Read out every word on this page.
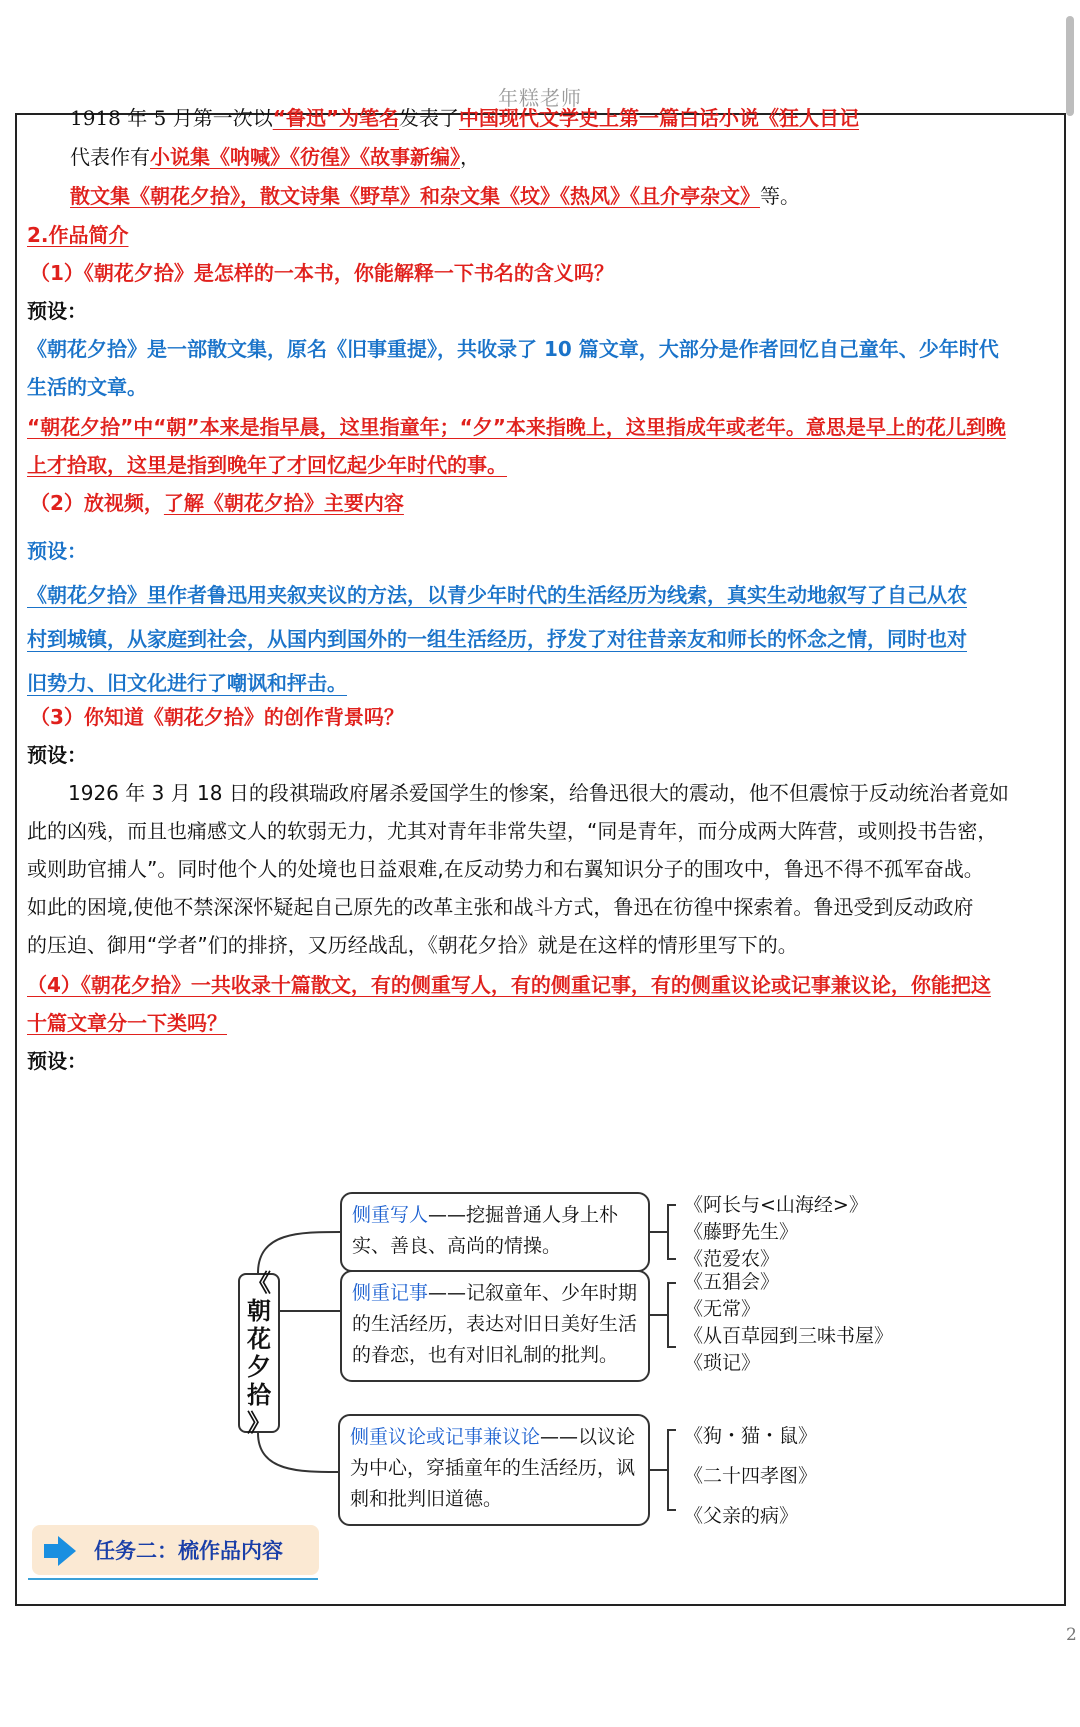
年糕老师
1918 年 5 月第一次以“鲁迅”为笔名发表了中国现代文学史上第一篇白话小说《狂人日记
代表作有小说集《呐喊》《彷徨》《故事新编》，
散文集《朝花夕拾》，散文诗集《野草》和杂文集《坟》《热风》《且介亭杂文》等。
2.作品简介
（1）《朝花夕拾》是怎样的一本书，你能解释一下书名的含义吗？
预设：
《朝花夕拾》是一部散文集，原名《旧事重提》，共收录了 10 篇文章，大部分是作者回忆自己童年、少年时代
生活的文章。
“朝花夕拾”中“朝”本来是指早晨，这里指童年；“夕”本来指晚上，这里指成年或老年。意思是早上的花儿到晚
上才拾取，这里是指到晚年了才回忆起少年时代的事。
（2）放视频，了解《朝花夕拾》主要内容
预设：
《朝花夕拾》里作者鲁迅用夹叙夹议的方法，以青少年时代的生活经历为线索，真实生动地叙写了自己从农
村到城镇，从家庭到社会，从国内到国外的一组生活经历，抒发了对往昔亲友和师长的怀念之情，同时也对
旧势力、旧文化进行了嘲讽和抨击。
（3）你知道《朝花夕拾》的创作背景吗？
预设：
1926 年 3 月 18 日的段祺瑞政府屠杀爱国学生的惨案，给鲁迅很大的震动，他不但震惊于反动统治者竟如
此的凶残，而且也痛感文人的软弱无力，尤其对青年非常失望，“同是青年，而分成两大阵营，或则投书告密，
或则助官捕人”。同时他个人的处境也日益艰难,在反动势力和右翼知识分子的围攻中，鲁迅不得不孤军奋战。
如此的困境,使他不禁深深怀疑起自己原先的改革主张和战斗方式，鲁迅在彷徨中探索着。鲁迅受到反动政府
的压迫、御用“学者”们的排挤，又历经战乱，《朝花夕拾》就是在这样的情形里写下的。
（4）《朝花夕拾》一共收录十篇散文，有的侧重写人，有的侧重记事，有的侧重议论或记事兼议论，你能把这
十篇文章分一下类吗？
预设：
《
朝
花
夕
拾
》
侧重写人——挖掘普通人身上朴实、善良、高尚的情操。
侧重记事——记叙童年、少年时期的生活经历，表达对旧日美好生活的眷恋，也有对旧礼制的批判。
侧重议论或记事兼议论——以议论为中心，穿插童年的生活经历，讽刺和批判旧道德。
《阿长与<山海经>》
《藤野先生》
《范爱农》
《五猖会》
《无常》
《从百草园到三味书屋》
《琐记》
《狗・猫・鼠》
《二十四孝图》
《父亲的病》
任务二：梳作品内容
2
